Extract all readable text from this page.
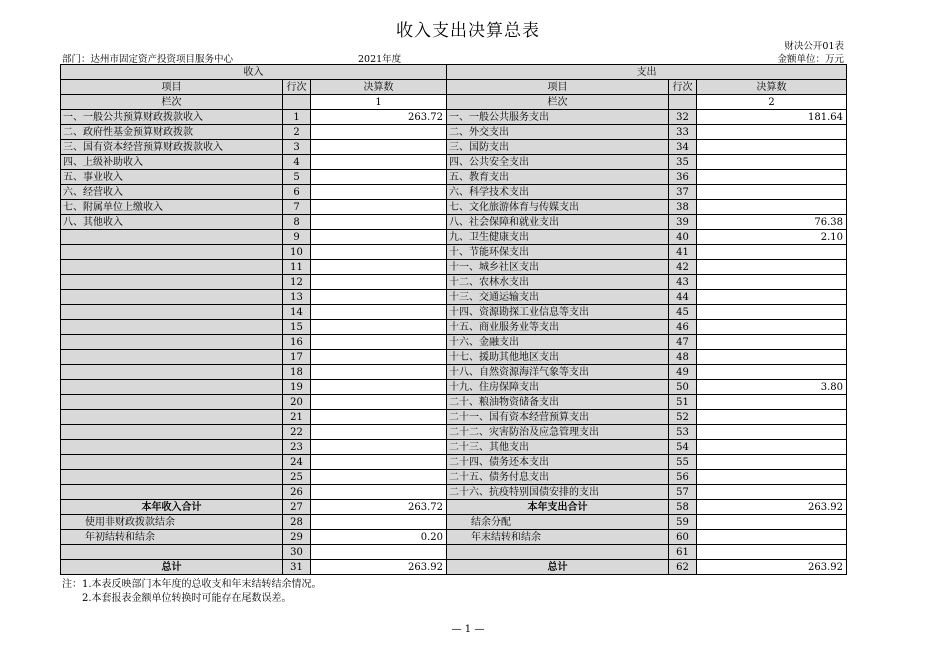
收入支出决算总表
财决公开01表
部门：达州市固定资产投资项目服务中心	2021年度	金额单位：万元
收入			支出		
项目	行次	决算数	项目	行次	决算数
栏次		1	栏次		2
一、一般公共预算财政拨款收入	1	263.72	一、一般公共服务支出	32	181.64
二、政府性基金预算财政拨款	2		二、外交支出	33	
三、国有资本经营预算财政拨款收入	3		三、国防支出	34	
四、上级补助收入	4		四、公共安全支出	35	
五、事业收入	5		五、教育支出	36	
六、经营收入	6		六、科学技术支出	37	
七、附属单位上缴收入	7		七、文化旅游体育与传媒支出	38	
八、其他收入	8		八、社会保障和就业支出	39	76.38
	9		九、卫生健康支出	40	2.10
	10		十、节能环保支出	41	
	11		十一、城乡社区支出	42	
	12		十二、农林水支出	43	
	13		十三、交通运输支出	44	
	14		十四、资源勘探工业信息等支出	45	
	15		十五、商业服务业等支出	46	
	16		十六、金融支出	47	
	17		十七、援助其他地区支出	48	
	18		十八、自然资源海洋气象等支出	49	
	19		十九、住房保障支出	50	3.80
	20		二十、粮油物资储备支出	51	
	21		二十一、国有资本经营预算支出	52	
	22		二十二、灾害防治及应急管理支出	53	
	23		二十三、其他支出	54	
	24		二十四、债务还本支出	55	
	25		二十五、债务付息支出	56	
	26		二十六、抗疫特别国债安排的支出	57	
本年收入合计	27	263.72	本年支出合计	58	263.92
使用非财政拨款结余	28		结余分配	59	
年初结转和结余	29	0.20	年末结转和结余	60	
	30			61	
总计	31	263.92	总计	62	263.92
注：1.本表反映部门本年度的总收支和年末结转结余情况。
　　2.本套报表金额单位转换时可能存在尾数误差。
— 1 —
